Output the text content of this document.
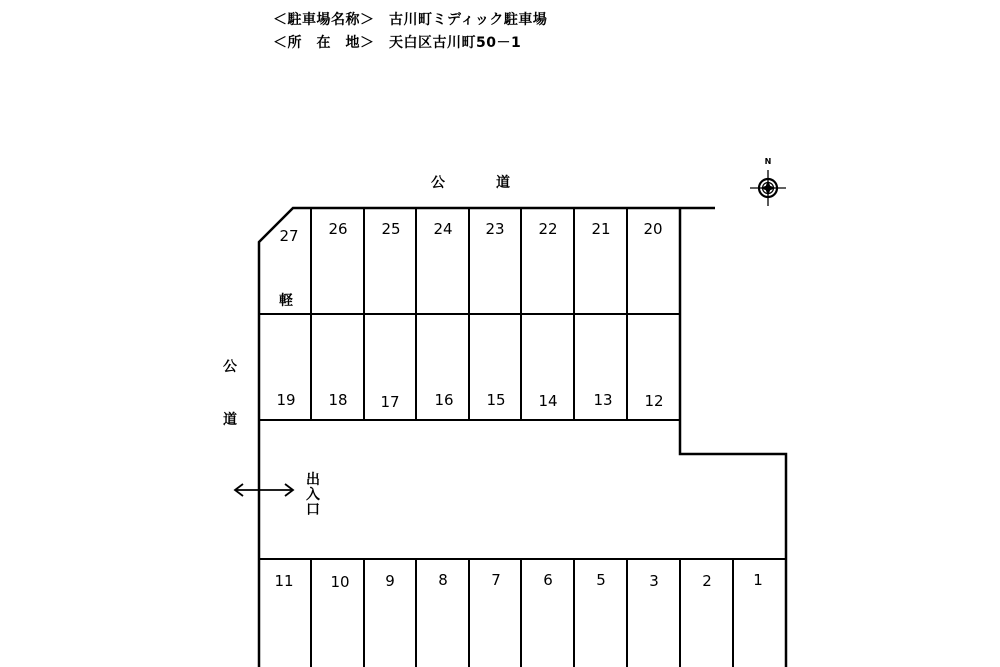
＜駐車場名称＞　古川町ミディック駐車場
＜所　在　地＞　天白区古川町50－1
公	道
公
道
N
出
入
口
軽
27 26 25 24 23 22 21 20
19 18 17 16 15 14 13 12
11 10 9	8	7	6	5	3	2	1
